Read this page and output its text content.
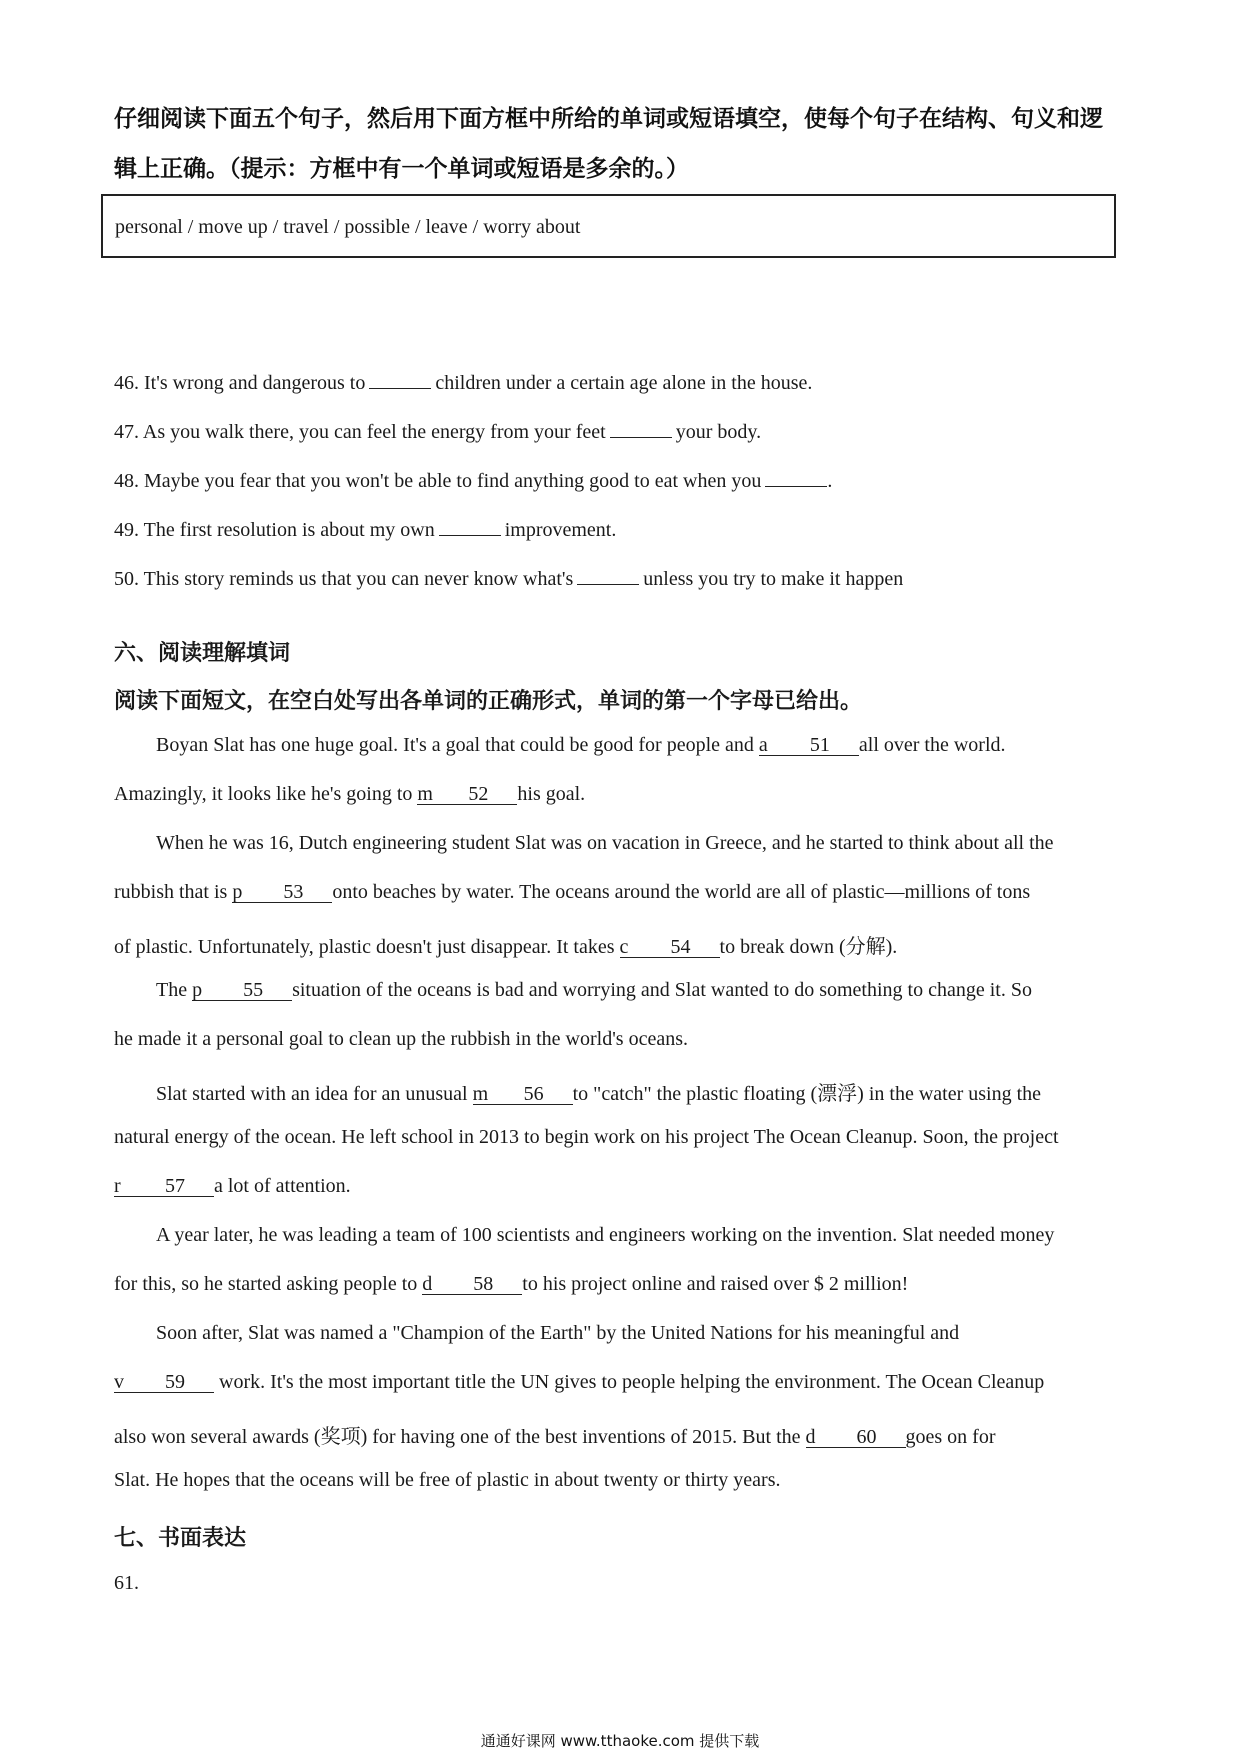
仔细阅读下面五个句子，然后用下面方框中所给的单词或短语填空，使每个句子在结构、句义和逻辑上正确。（提示：方框中有一个单词或短语是多余的。）
personal / move up / travel / possible / leave / worry about
46. It's wrong and dangerous to	children under a certain age alone in the house.
47. As you walk there, you can feel the energy from your feet	your body.
48. Maybe you fear that you won't be able to find anything good to eat when you	.
49. The first resolution is about my own	improvement.
50. This story reminds us that you can never know what's	unless you try to make it happen
六、阅读理解填词
阅读下面短文，在空白处写出各单词的正确形式，单词的第一个字母已给出。
Boyan Slat has one huge goal. It's a goal that could be good for people and a 51 all over the world.
Amazingly, it looks like he's going to m 52 his goal.
When he was 16, Dutch engineering student Slat was on vacation in Greece, and he started to think about all the
rubbish that is p 53 onto beaches by water. The oceans around the world are all of plastic—millions of tons
of plastic. Unfortunately, plastic doesn't just disappear. It takes c 54 to break down (分解).
The p 55 situation of the oceans is bad and worrying and Slat wanted to do something to change it. So
he made it a personal goal to clean up the rubbish in the world's oceans.
Slat started with an idea for an unusual m 56 to "catch" the plastic floating (漂浮) in the water using the
natural energy of the ocean. He left school in 2013 to begin work on his project The Ocean Cleanup. Soon, the project
r 57 a lot of attention.
A year later, he was leading a team of 100 scientists and engineers working on the invention. Slat needed money
for this, so he started asking people to d 58 to his project online and raised over $ 2 million!
Soon after, Slat was named a "Champion of the Earth" by the United Nations for his meaningful and
v 59 work. It's the most important title the UN gives to people helping the environment. The Ocean Cleanup
also won several awards (奖项) for having one of the best inventions of 2015. But the d 60 goes on for
Slat. He hopes that the oceans will be free of plastic in about twenty or thirty years.
七、书面表达
61.
通通好课网 www.tthaoke.com 提供下载
